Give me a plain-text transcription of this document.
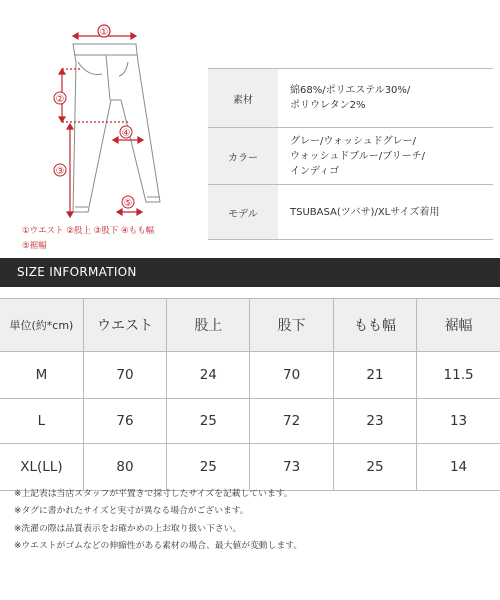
①
②
③
④
⑤
①ウエスト ②股上 ③股下 ④もも幅
⑤裾幅
素材	綿68%/ポリエステル30%/
ポリウレタン2%

カラー	グレー/ウォッシュドグレー/
ウォッシュドブルー/ブリーチ/
インディゴ

モデル	TSUBASA(ツバサ)/XLサイズ着用
SIZE INFORMATION
単位(約*cm)	ウエスト	股上	股下	もも幅	裾幅
M	70	24	70	21	11.5
L	76	25	72	23	13
XL(LL)	80	25	73	25	14
※上記表は当店スタッフが平置きで採寸したサイズを記載しています。
※タグに書かれたサイズと実寸が異なる場合がございます。
※洗濯の際は品質表示をお確かめの上お取り扱い下さい。
※ウエストがゴムなどの伸縮性がある素材の場合、最大値が変動します。
